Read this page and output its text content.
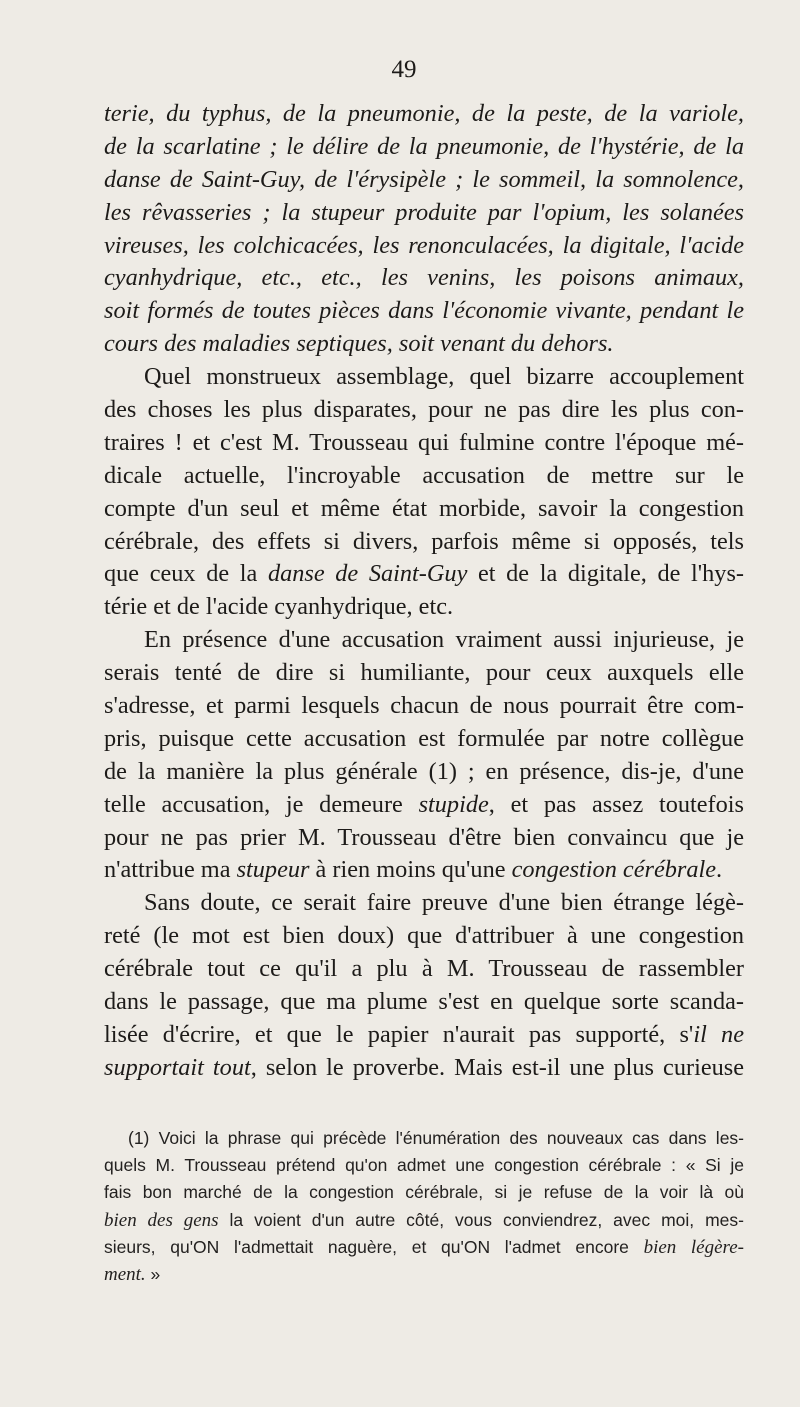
49
terie, du typhus, de la pneumonie, de la peste, de la variole,
de la scarlatine ; le délire de la pneumonie, de l'hystérie, de la
danse de Saint-Guy, de l'érysipèle ; le sommeil, la somnolence,
les rêvasseries ; la stupeur produite par l'opium, les solanées
vireuses, les colchicacées, les renonculacées, la digitale, l'acide
cyanhydrique, etc., etc., les venins, les poisons animaux,
soit formés de toutes pièces dans l'économie vivante, pendant le
cours des maladies septiques, soit venant du dehors.
Quel monstrueux assemblage, quel bizarre accouplement
des choses les plus disparates, pour ne pas dire les plus con-
traires ! et c'est M. Trousseau qui fulmine contre l'époque mé-
dicale actuelle, l'incroyable accusation de mettre sur le
compte d'un seul et même état morbide, savoir la congestion
cérébrale, des effets si divers, parfois même si opposés, tels
que ceux de la danse de Saint-Guy et de la digitale, de l'hys-
térie et de l'acide cyanhydrique, etc.
En présence d'une accusation vraiment aussi injurieuse, je
serais tenté de dire si humiliante, pour ceux auxquels elle
s'adresse, et parmi lesquels chacun de nous pourrait être com-
pris, puisque cette accusation est formulée par notre collègue
de la manière la plus générale (1) ; en présence, dis-je, d'une
telle accusation, je demeure stupide, et pas assez toutefois
pour ne pas prier M. Trousseau d'être bien convaincu que je
n'attribue ma stupeur à rien moins qu'une congestion cérébrale.
Sans doute, ce serait faire preuve d'une bien étrange légè-
reté (le mot est bien doux) que d'attribuer à une congestion
cérébrale tout ce qu'il a plu à M. Trousseau de rassembler
dans le passage, que ma plume s'est en quelque sorte scanda-
lisée d'écrire, et que le papier n'aurait pas supporté, s'il ne
supportait tout, selon le proverbe. Mais est-il une plus curieuse
(1) Voici la phrase qui précède l'énumération des nouveaux cas dans les-
quels M. Trousseau prétend qu'on admet une congestion cérébrale : « Si je
fais bon marché de la congestion cérébrale, si je refuse de la voir là où
bien des gens la voient d'un autre côté, vous conviendrez, avec moi, mes-
sieurs, qu'ON l'admettait naguère, et qu'ON l'admet encore bien légère-
ment. »
